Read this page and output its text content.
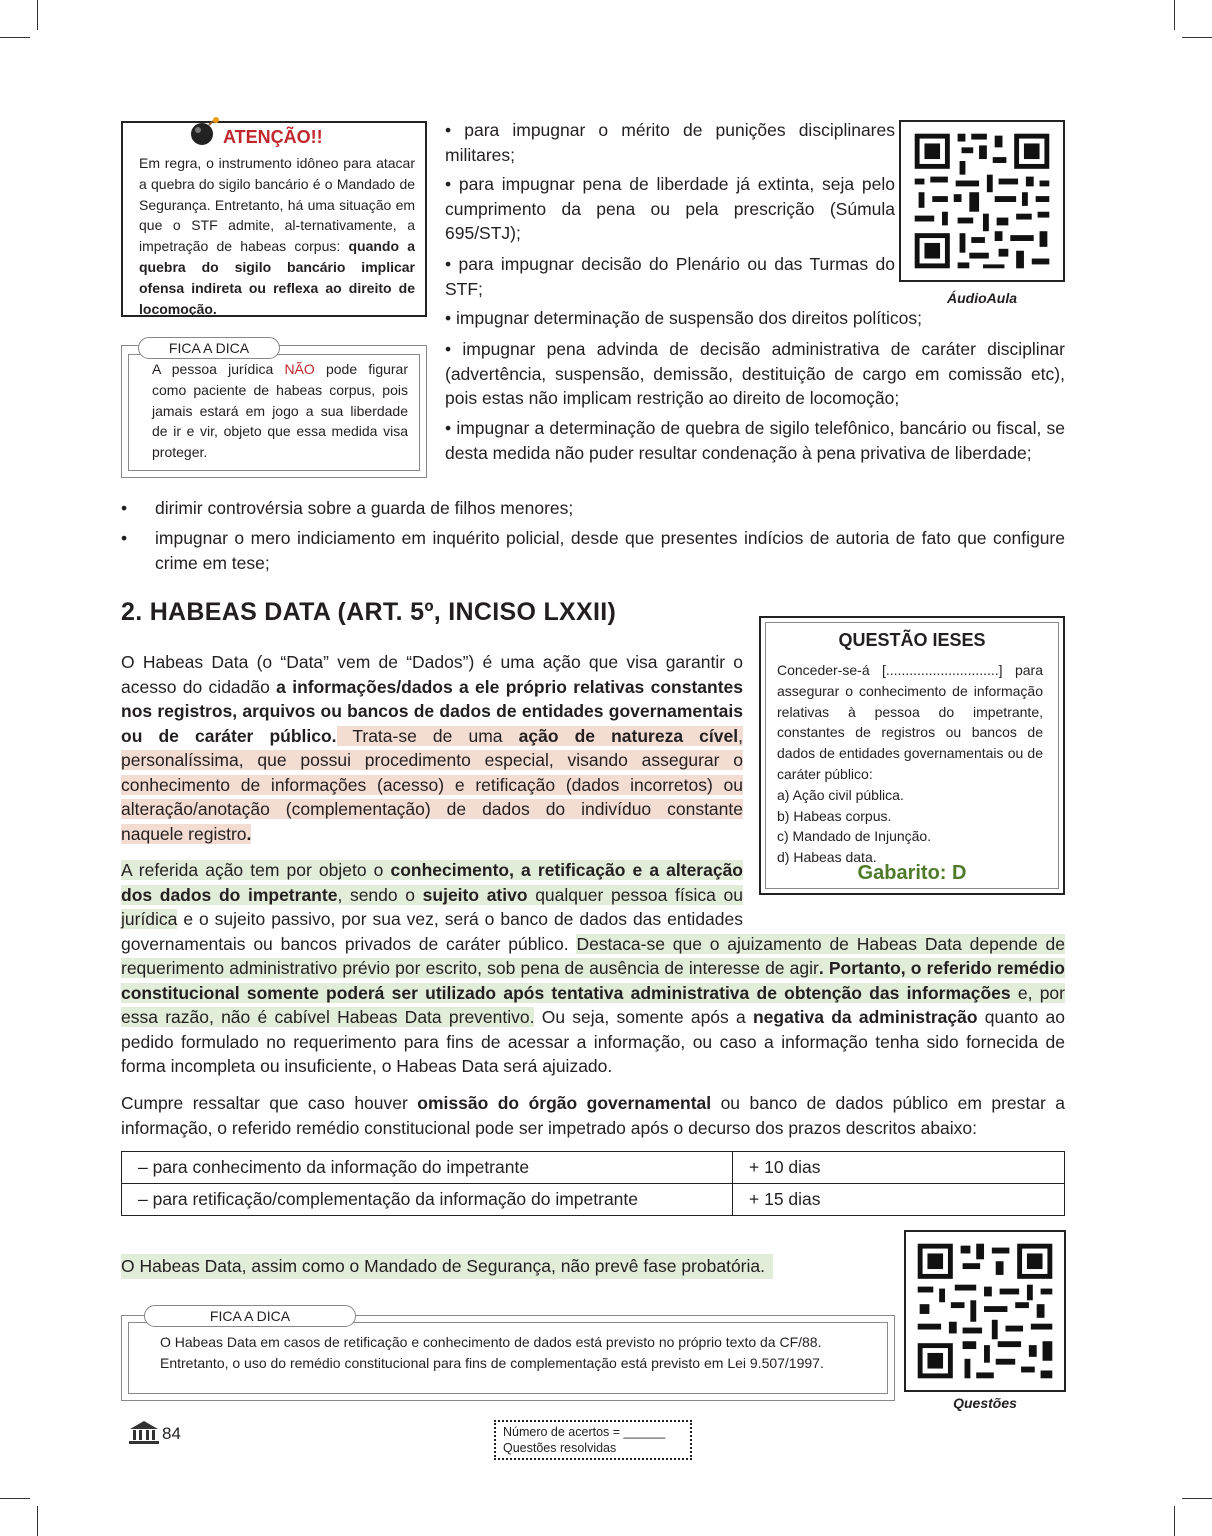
ATENÇÃO!!
Em regra, o instrumento idôneo para atacar a quebra do sigilo bancário é o Mandado de Segurança. Entretanto, há uma situação em que o STF admite, al-ternativamente, a impetração de habeas corpus: quando a quebra do sigilo bancário implicar ofensa indireta ou reflexa ao direito de locomoção.
FICA A DICA
A pessoa jurídica NÃO pode figurar como paciente de habeas corpus, pois jamais estará em jogo a sua liberdade de ir e vir, objeto que essa medida visa proteger.
ÁudioAula
• para impugnar o mérito de punições disciplinares militares;
• para impugnar pena de liberdade já extinta, seja pelo cumprimento da pena ou pela prescrição (Súmula 695/STJ);
• para impugnar decisão do Plenário ou das Turmas do STF;
• impugnar determinação de suspensão dos direitos políticos;
• impugnar pena advinda de decisão administrativa de caráter disciplinar (advertência, suspensão, demissão, destituição de cargo em comissão etc), pois estas não implicam restrição ao direito de locomoção;
• impugnar a determinação de quebra de sigilo telefônico, bancário ou fiscal, se desta medida não puder resultar condenação à pena privativa de liberdade;
• dirimir controvérsia sobre a guarda de filhos menores;
• impugnar o mero indiciamento em inquérito policial, desde que presentes indícios de autoria de fato que configure crime em tese;
2. HABEAS DATA (ART. 5º, INCISO LXXII)
O Habeas Data (o “Data” vem de “Dados”) é uma ação que visa garantir o acesso do cidadão a informações/dados a ele próprio relativas constantes nos registros, arquivos ou bancos de dados de entidades governamentais ou de caráter público. Trata-se de uma ação de natureza cível, personalíssima, que possui procedimento especial, visando assegurar o conhecimento de informações (acesso) e retificação (dados incorretos) ou alteração/anotação (complementação) de dados do indivíduo constante naquele registro.
QUESTÃO IESES
Conceder-se-á [.............................] para assegurar o conhecimento de informação relativas à pessoa do impetrante, constantes de registros ou bancos de dados de entidades governamentais ou de caráter público:
a) Ação civil pública.
b) Habeas corpus.
c) Mandado de Injunção.
d) Habeas data.
Gabarito: D
A referida ação tem por objeto o conhecimento, a retificação e a alteração dos dados do impetrante, sendo o sujeito ativo qualquer pessoa física ou jurídica e o sujeito passivo, por sua vez, será o banco de dados das entidades governamentais ou bancos privados de caráter público. Destaca-se que o ajuizamento de Habeas Data depende de requerimento administrativo prévio por escrito, sob pena de ausência de interesse de agir. Portanto, o referido remédio constitucional somente poderá ser utilizado após tentativa administrativa de obtenção das informações e, por essa razão, não é cabível Habeas Data preventivo. Ou seja, somente após a negativa da administração quanto ao pedido formulado no requerimento para fins de acessar a informação, ou caso a informação tenha sido fornecida de forma incompleta ou insuficiente, o Habeas Data será ajuizado.
Cumpre ressaltar que caso houver omissão do órgão governamental ou banco de dados público em prestar a informação, o referido remédio constitucional pode ser impetrado após o decurso dos prazos descritos abaixo:
– para conhecimento da informação do impetrante	+ 10 dias
– para retificação/complementação da informação do impetrante	+ 15 dias
O Habeas Data, assim como o Mandado de Segurança, não prevê fase probatória.
FICA A DICA
O Habeas Data em casos de retificação e conhecimento de dados está previsto no próprio texto da CF/88.
Entretanto, o uso do remédio constitucional para fins de complementação está previsto em Lei 9.507/1997.
Questões
84	Número de acertos = ______
Questões resolvidas
